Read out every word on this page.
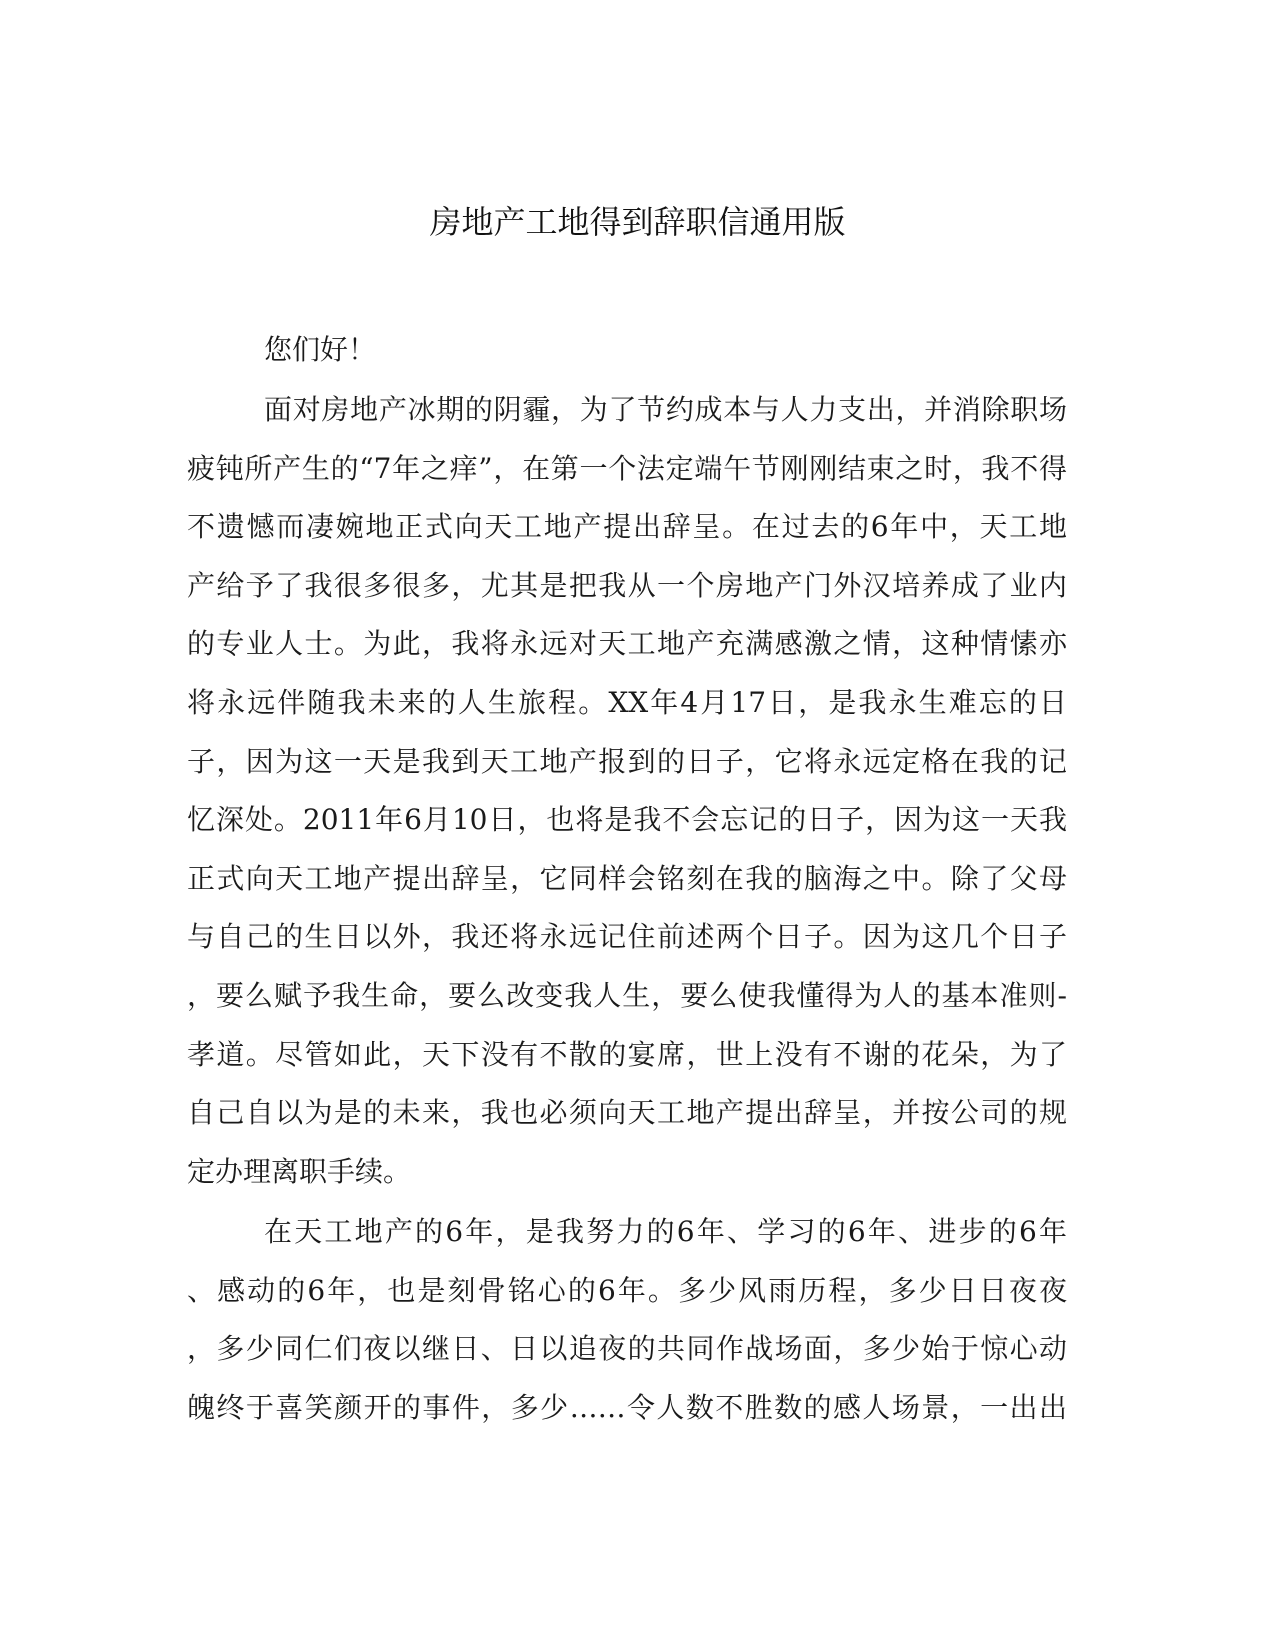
房地产工地得到辞职信通用版
您们好！
面对房地产冰期的阴霾，为了节约成本与人力支出，并消除职场
疲钝所产生的“7年之痒”，在第一个法定端午节刚刚结束之时，我不得
不遗憾而凄婉地正式向天工地产提出辞呈。在过去的6年中，天工地
产给予了我很多很多，尤其是把我从一个房地产门外汉培养成了业内
的专业人士。为此，我将永远对天工地产充满感激之情，这种情愫亦
将永远伴随我未来的人生旅程。XX年4月17日，是我永生难忘的日
子，因为这一天是我到天工地产报到的日子，它将永远定格在我的记
忆深处。2011年6月10日，也将是我不会忘记的日子，因为这一天我
正式向天工地产提出辞呈，它同样会铭刻在我的脑海之中。除了父母
与自己的生日以外，我还将永远记住前述两个日子。因为这几个日子
，要么赋予我生命，要么改变我人生，要么使我懂得为人的基本准则-
孝道。尽管如此，天下没有不散的宴席，世上没有不谢的花朵，为了
自己自以为是的未来，我也必须向天工地产提出辞呈，并按公司的规
定办理离职手续。
在天工地产的6年，是我努力的6年、学习的6年、进步的6年
、感动的6年，也是刻骨铭心的6年。多少风雨历程，多少日日夜夜
，多少同仁们夜以继日、日以追夜的共同作战场面，多少始于惊心动
魄终于喜笑颜开的事件，多少……令人数不胜数的感人场景，一出出
